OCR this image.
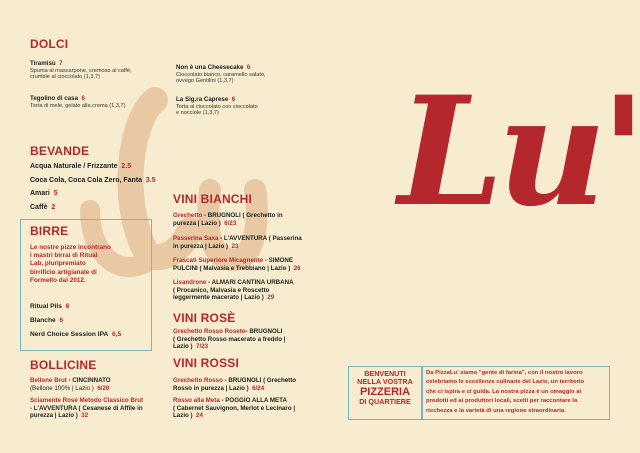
DOLCI
Tiramisù 7
Spuma al mascarpone, cremoso al caffè,
crumble al cioccolato (1,3,7)
Tegolino di casa 6
Torta di mele, gelato alla crema (1,3,7)
Non è una Cheesecake 6
Cioccolato bianco, caramello salato,
ovvego Gentilini (1,3,7)
La Sig.ra Caprese 6
Torta al cioccolato con cioccolato
e nocciole (1,3,7)
BEVANDE
Acqua Naturale / Frizzante 2.5
Coca Cola, Coca Cola Zero, Fanta 3.5
Amari 5
Caffè 2
BIRRE
Le nostre pizze incontrano
i mastri birrai di Ritual
Lab, pluripremiato
birrificio artigianale di
Formello dal 2012.
Ritual Pils 6
Blanche 6
Nerd Choice Session IPA 6,5
BOLLICINE
Bellone Brut - CINCINNATO
(Bellone 100% | Lazio ) 6/20
Sciamente Rosé Metodo Classico Brut
- L'AVVENTURA ( Cesanese di Affile in
purezza | Lazio ) 32
VINI BIANCHI
Grechetto - BRUGNOLI ( Grechetto in
purezza | Lazio ) 6/23
Passerina Saxa - L'AVVENTURA ( Passerina
in purezza | Lazio ) 23
Frascati Superiore Micagnente - SIMONE
PULCINI ( Malvasia e Trebbiano | Lazio ) 26
Lisandrone - ALMARI CANTINA URBANA
( Procanico, Malvasia e Roscetto
leggermente macerato | Lazio ) 29
VINI ROSÈ
Grechetto Rosso Roseto- BRUGNOLI
( Grechetto Rosso macerato a freddo |
Lazio ) 7/23
VINI ROSSI
Grechetto Rosso - BRUGNOLI ( Grechetto
Rosso in purezza | Lazio ) 6/24
Rosso alla Meta - POGGIO ALLA META
( Cabernet Sauvignon, Merlot e Lecinaro |
Lazio ) 24
Lu'
BENVENUTI
NELLA VOSTRA
PIZZERIA
DI QUARTIERE
Da PizzaLu' siamo "gente di farina", con il nostro lavoro
celebriamo le eccellenze culinarie del Lazio, un territorio
che ci ispira e ci guida. La nostra pizza è un omaggio ai
prodotti ed ai produttori locali, scelti per raccontare la
ricchezza e la varietà di una regione straordinaria.
